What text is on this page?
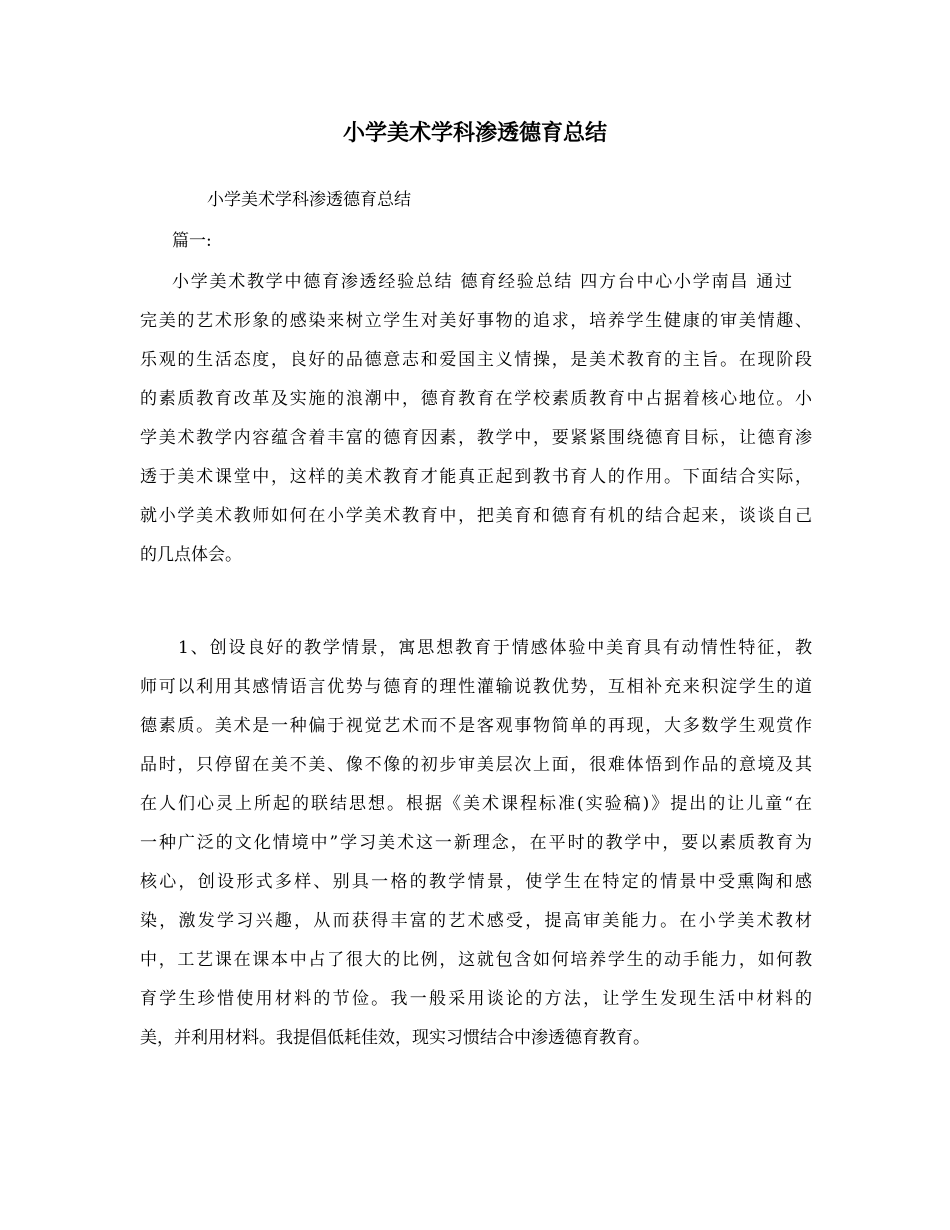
小学美术学科渗透德育总结
小学美术学科渗透德育总结
篇一:
小学美术教学中德育渗透经验总结 德育经验总结 四方台中心小学南昌 通过
完美的艺术形象的感染来树立学生对美好事物的追求，培养学生健康的审美情趣、
乐观的生活态度，良好的品德意志和爱国主义情操，是美术教育的主旨。在现阶段
的素质教育改革及实施的浪潮中，德育教育在学校素质教育中占据着核心地位。小
学美术教学内容蕴含着丰富的德育因素，教学中，要紧紧围绕德育目标，让德育渗
透于美术课堂中，这样的美术教育才能真正起到教书育人的作用。下面结合实际，
就小学美术教师如何在小学美术教育中，把美育和德育有机的结合起来，谈谈自己
的几点体会。
1、创设良好的教学情景，寓思想教育于情感体验中美育具有动情性特征，教
师可以利用其感情语言优势与德育的理性灌输说教优势，互相补充来积淀学生的道
德素质。美术是一种偏于视觉艺术而不是客观事物简单的再现，大多数学生观赏作
品时，只停留在美不美、像不像的初步审美层次上面，很难体悟到作品的意境及其
在人们心灵上所起的联结思想。根据《美术课程标准(实验稿)》提出的让儿童“在
一种广泛的文化情境中”学习美术这一新理念，在平时的教学中，要以素质教育为
核心，创设形式多样、别具一格的教学情景，使学生在特定的情景中受熏陶和感
染，激发学习兴趣，从而获得丰富的艺术感受，提高审美能力。在小学美术教材
中，工艺课在课本中占了很大的比例，这就包含如何培养学生的动手能力，如何教
育学生珍惜使用材料的节俭。我一般采用谈论的方法，让学生发现生活中材料的
美，并利用材料。我提倡低耗佳效，现实习惯结合中渗透德育教育。
